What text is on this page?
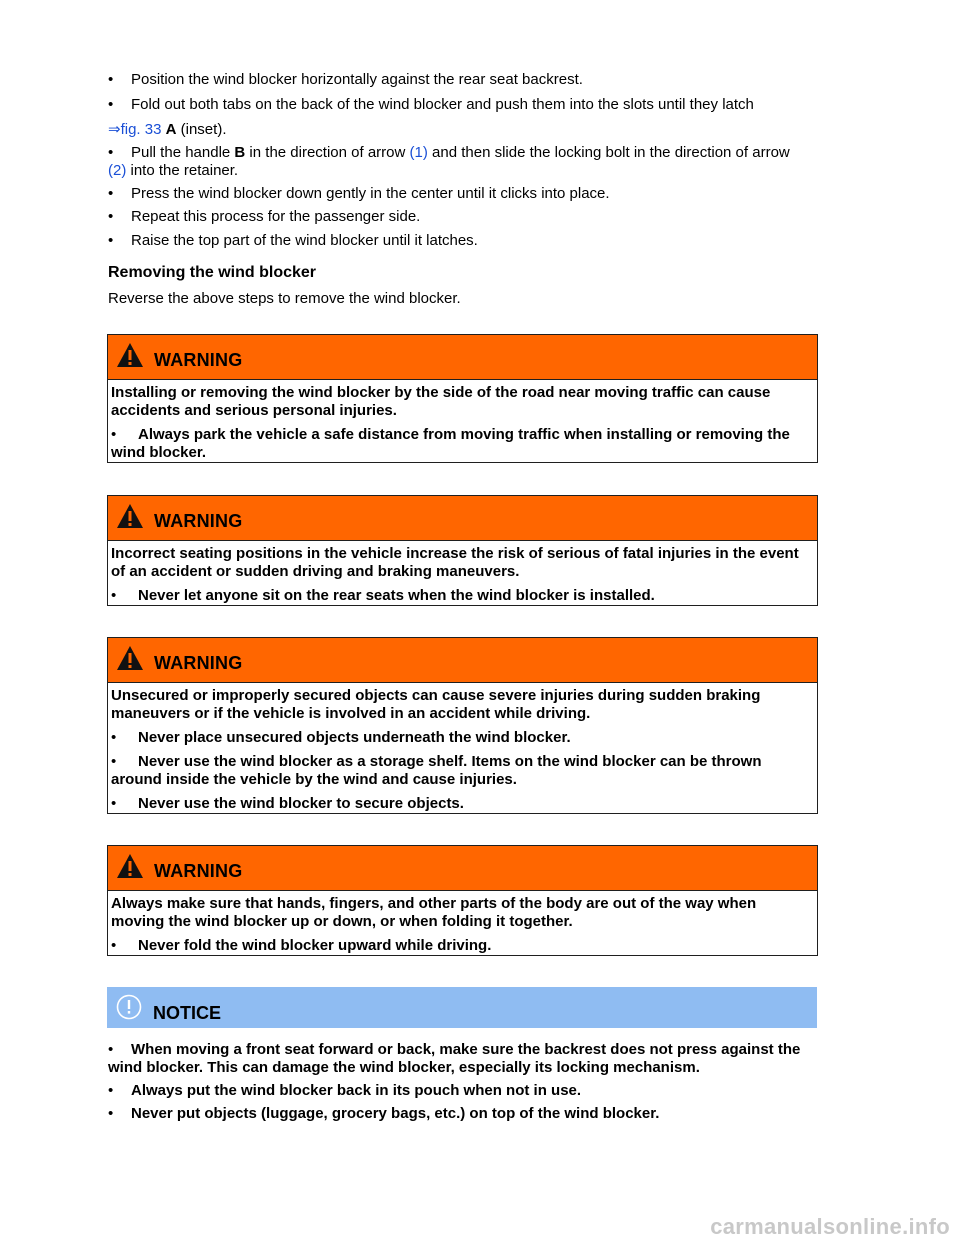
• Position the wind blocker horizontally against the rear seat backrest.
• Fold out both tabs on the back of the wind blocker and push them into the slots until they latch
⇒fig. 33 A (inset).
•	Pull the handle B in the direction of arrow (1) and then slide the locking bolt in the direction of arrow (2) into the retainer.
• Press the wind blocker down gently in the center until it clicks into place.
• Repeat this process for the passenger side.
• Raise the top part of the wind blocker until it latches.
Removing the wind blocker
Reverse the above steps to remove the wind blocker.
WARNING

Installing or removing the wind blocker by the side of the road near moving traffic can cause accidents and serious personal injuries.

• Always park the vehicle a safe distance from moving traffic when installing or removing the wind blocker.
WARNING

Incorrect seating positions in the vehicle increase the risk of serious of fatal injuries in the event of an accident or sudden driving and braking maneuvers.

• Never let anyone sit on the rear seats when the wind blocker is installed.
WARNING

Unsecured or improperly secured objects can cause severe injuries during sudden braking maneuvers or if the vehicle is involved in an accident while driving.

• Never place unsecured objects underneath the wind blocker.
• Never use the wind blocker as a storage shelf. Items on the wind blocker can be thrown around inside the vehicle by the wind and cause injuries.
• Never use the wind blocker to secure objects.
WARNING

Always make sure that hands, fingers, and other parts of the body are out of the way when moving the wind blocker up or down, or when folding it together.

• Never fold the wind blocker upward while driving.
NOTICE
• When moving a front seat forward or back, make sure the backrest does not press against the wind blocker. This can damage the wind blocker, especially its locking mechanism.
• Always put the wind blocker back in its pouch when not in use.
• Never put objects (luggage, grocery bags, etc.) on top of the wind blocker.
carmanualsonline.info
